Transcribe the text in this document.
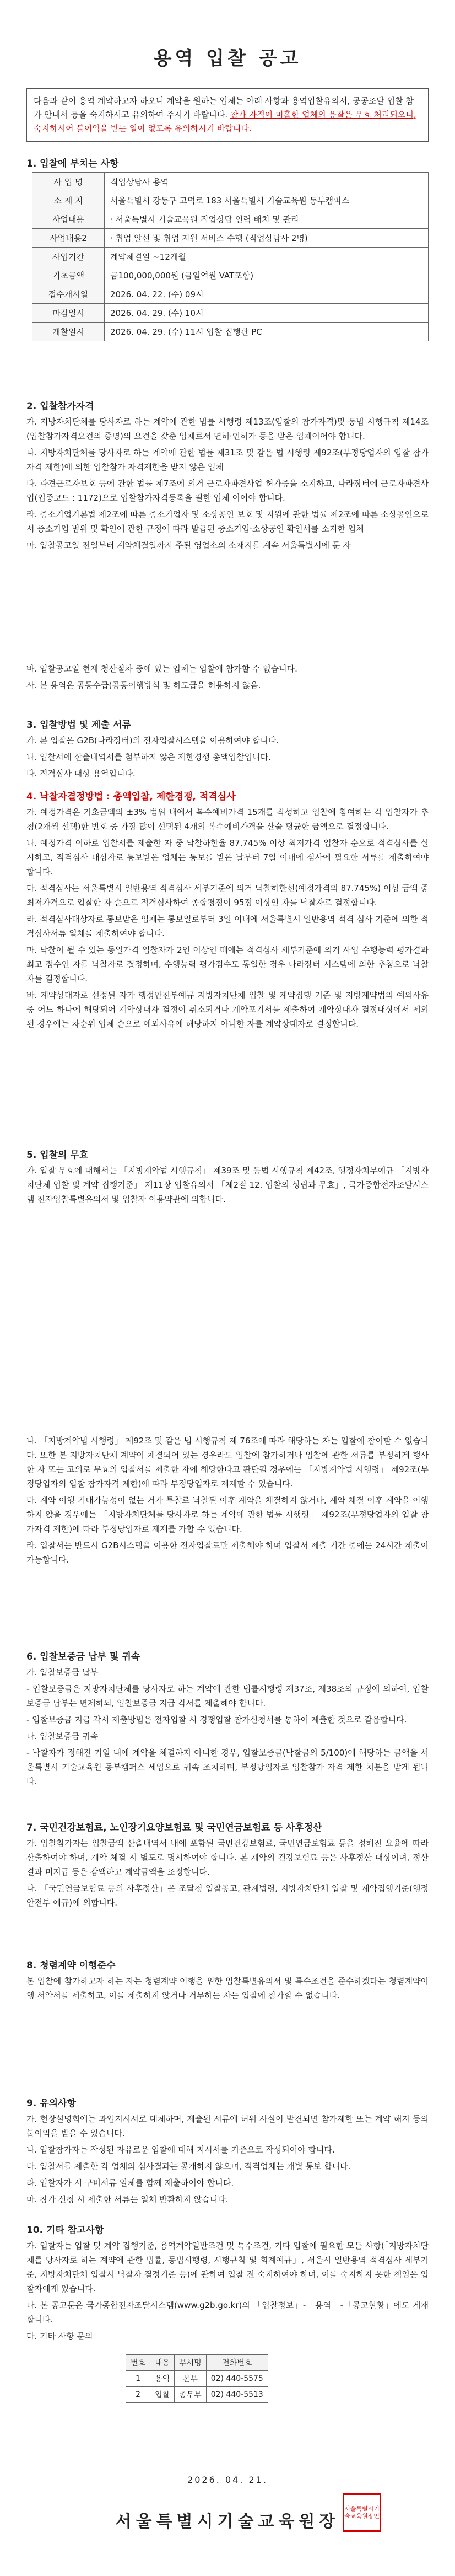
용역 입찰 공고
다음과 같이 용역 계약하고자 하오니 계약을 원하는 업체는 아래 사항과 용역입찰유의서, 공공조달 입찰 참가 안내서 등을 숙지하시고 유의하여 주시기 바랍니다. 참가 자격이 미흡한 업체의 응찰은 무효 처리되오니, 숙지하시어 불이익을 받는 일이 없도록 유의하시기 바랍니다.
1. 입찰에 부치는 사항
사 업 명	직업상담사 용역
소 재 지	서울특별시 강동구 고덕로 183 서울특별시 기술교육원 동부캠퍼스
사업내용	· 서울특별시 기술교육원 직업상담 인력 배치 및 관리
사업내용2	· 취업 알선 및 취업 지원 서비스 수행 (직업상담사 2명)
사업기간	계약체결일 ~12개월
기초금액	금100,000,000원 (금일억원 VAT포함)
접수개시일	2026. 04. 22. (수) 09시
마감일시	2026. 04. 29. (수) 10시
개찰일시	2026. 04. 29. (수) 11시 입찰 집행관 PC
2. 입찰참가자격

가. 지방자치단체를 당사자로 하는 계약에 관한 법률 시행령 제13조(입찰의 참가자격)및 동법 시행규칙 제14조(입찰참가자격요건의 증명)의 요건을 갖춘 업체로서 면허·인허가 등을 받은 업체이어야 합니다.

나. 지방자치단체를 당사자로 하는 계약에 관한 법률 제31조 및 같은 법 시행령 제92조(부정당업자의 입찰 참가자격 제한)에 의한 입찰참가 자격제한을 받지 않은 업체

다. 파견근로자보호 등에 관한 법률 제7조에 의거 근로자파견사업 허가증을 소지하고, 나라장터에 근로자파견사업(업종코드 : 1172)으로 입찰참가자격등록을 필한 업체 이어야 합니다.

라. 중소기업기본법 제2조에 따른 중소기업자 및 소상공인 보호 및 지원에 관한 법률 제2조에 따른 소상공인으로서 중소기업 범위 및 확인에 관한 규정에 따라 발급된 중소기업·소상공인 확인서를 소지한 업체

마. 입찰공고일 전일부터 계약체결일까지 주된 영업소의 소재지를 계속 서울특별시에 둔 자

바. 입찰공고일 현재 청산절차 중에 있는 업체는 입찰에 참가할 수 없습니다.

사. 본 용역은 공동수급(공동이행방식 및 하도급을 허용하지 않음.

3. 입찰방법 및 제출 서류

가. 본 입찰은 G2B(나라장터)의 전자입찰시스템을 이용하여야 합니다.

나. 입찰서에 산출내역서를 첨부하지 않은 제한경쟁 총액입찰입니다.

다. 적격심사 대상 용역입니다.

4. 낙찰자결정방법 : 총액입찰, 제한경쟁, 적격심사

가. 예정가격은 기초금액의 ±3% 범위 내에서 복수예비가격 15개를 작성하고 입찰에 참여하는 각 입찰자가 추첨(2개씩 선택)한 번호 중 가장 많이 선택된 4개의 복수예비가격을 산술 평균한 금액으로 결정합니다.

나. 예정가격 이하로 입찰서를 제출한 자 중 낙찰하한율 87.745% 이상 최저가격 입찰자 순으로 적격심사를 실시하고, 적격심사 대상자로 통보받은 업체는 통보를 받은 날부터 7일 이내에 심사에 필요한 서류를 제출하여야 합니다.

다. 적격심사는 서울특별시 일반용역 적격심사 세부기준에 의거 낙찰하한선(예정가격의 87.745%) 이상 금액 중 최저가격으로 입찰한 자 순으로 적격심사하여 종합평점이 95점 이상인 자를 낙찰자로 결정합니다.

라. 적격심사대상자로 통보받은 업체는 통보일로부터 3일 이내에 서울특별시 일반용역 적격 심사 기준에 의한 적격심사서류 일체를 제출하여야 합니다.

마. 낙찰이 될 수 있는 동일가격 입찰자가 2인 이상인 때에는 적격심사 세부기준에 의거 사업 수행능력 평가결과 최고 점수인 자를 낙찰자로 결정하며, 수행능력 평가점수도 동일한 경우 나라장터 시스템에 의한 추첨으로 낙찰자를 결정합니다.

바. 계약상대자로 선정된 자가 행정안전부예규 지방자치단체 입찰 및 계약집행 기준 및 지방계약법의 예외사유 중 어느 하나에 해당되어 계약상대자 결정이 취소되거나 계약포기서를 제출하여 계약상대자 결정대상에서 제외된 경우에는 차순위 업체 순으로 예외사유에 해당하지 아니한 자를 계약상대자로 결정합니다.

5. 입찰의 무효

가. 입찰 무효에 대해서는 「지방계약법 시행규칙」 제39조 및 동법 시행규칙 제42조, 행정자치부예규 「지방자치단체 입찰 및 계약 집행기준」 제11장 입찰유의서 「제2절 12. 입찰의 성립과 무효」, 국가종합전자조달시스템 전자입찰특별유의서 및 입찰자 이용약관에 의합니다.

나. 「지방계약법 시행령」 제92조 및 같은 법 시행규칙 제 76조에 따라 해당하는 자는 입찰에 참여할 수 없습니다. 또한 본 지방자치단체 계약이 체결되어 있는 경우라도 입찰에 참가하거나 입찰에 관한 서류를 부정하게 행사한 자 또는 고의로 무효의 입찰서를 제출한 자에 해당한다고 판단될 경우에는 「지방계약법 시행령」 제92조(부정당업자의 입찰 참가자격 제한)에 따라 부정당업자로 제재할 수 있습니다.

다. 계약 이행 기대가능성이 없는 거가 투찰로 낙찰된 이후 계약을 체결하지 않거나, 계약 체결 이후 계약을 이행하지 않을 경우에는 「지방자치단체를 당사자로 하는 계약에 관한 법률 시행령」 제92조(부정당업자의 입찰 참가자격 제한)에 따라 부정당업자로 제재를 가할 수 있습니다.

라. 입찰서는 반드시 G2B시스템을 이용한 전자입찰로만 제출해야 하며 입찰서 제출 기간 중에는 24시간 제출이 가능합니다.

6. 입찰보증금 납부 및 귀속

가. 입찰보증금 납부

- 입찰보증금은 지방자치단체를 당사자로 하는 계약에 관한 법률시행령 제37조, 제38조의 규정에 의하여, 입찰보증금 납부는 면제하되, 입찰보증금 지급 각서를 제출해야 합니다.

- 입찰보증금 지급 각서 제출방법은 전자입찰 시 경쟁입찰 참가신청서를 통하여 제출한 것으로 갈음합니다.

나. 입찰보증금 귀속

- 낙찰자가 정해진 기일 내에 계약을 체결하지 아니한 경우, 입찰보증금(낙찰금의 5/100)에 해당하는 금액을 서울특별시 기술교육원 동부캠퍼스 세입으로 귀속 조치하며, 부정당업자로 입찰참가 자격 제한 처분을 받게 됩니다.

7. 국민건강보험료, 노인장기요양보험료 및 국민연금보험료 등 사후정산

가. 입찰참가자는 입찰금액 산출내역서 내에 포함된 국민건강보험료, 국민연금보험료 등을 정해진 요율에 따라 산출하여야 하며, 계약 체결 시 별도로 명시하여야 합니다. 본 계약의 건강보험료 등은 사후정산 대상이며, 정산 결과 미지급 등은 감액하고 계약금액을 조정합니다.

나. 「국민연금보험료 등의 사후정산」은 조달청 입찰공고, 관계법령, 지방자치단체 입찰 및 계약집행기준(행정안전부 예규)에 의합니다.

8. 청렴계약 이행준수

본 입찰에 참가하고자 하는 자는 청렴계약 이행을 위한 입찰특별유의서 및 특수조건을 준수하겠다는 청렴계약이행 서약서를 제출하고, 이를 제출하지 않거나 거부하는 자는 입찰에 참가할 수 없습니다.

9. 유의사항

가. 현장설명회에는 과업지시서로 대체하며, 제출된 서류에 허위 사실이 발견되면 참가제한 또는 계약 해지 등의 불이익을 받을 수 있습니다.

나. 입찰참가자는 작성된 자유로운 입찰에 대해 지시서를 기준으로 작성되어야 합니다.

다. 입찰서를 제출한 각 업체의 심사결과는 공개하지 않으며, 적격업체는 개별 통보 합니다.

라. 입찰자가 시 구비서류 일체를 함께 제출하여야 합니다.

마. 참가 신청 시 제출한 서류는 일체 반환하지 않습니다.

10. 기타 참고사항

가. 입찰자는 입찰 및 계약 집행기준, 용역계약일반조건 및 특수조건, 기타 입찰에 필요한 모든 사항(「지방자치단체를 당사자로 하는 계약에 관한 법률, 동법시행령, 시행규칙 및 회계예규」, 서울시 일반용역 적격심사 세부기준, 지방자치단체 입찰시 낙찰자 결정기준 등)에 관하여 입찰 전 숙지하여야 하며, 이를 숙지하지 못한 책임은 입찰자에게 있습니다.

나. 본 공고문은 국가종합전자조달시스템(www.g2b.go.kr)의 「입찰정보」-「용역」-「공고현황」에도 게재합니다.

다. 기타 사항 문의

번호	내용	부서명	전화번호
1	용역	본부	02) 440-5575
2	입찰	총무부	02) 440-5513
2026. 04. 21.
서울특별시기술교육원장
서울특별시기술교육원장인
